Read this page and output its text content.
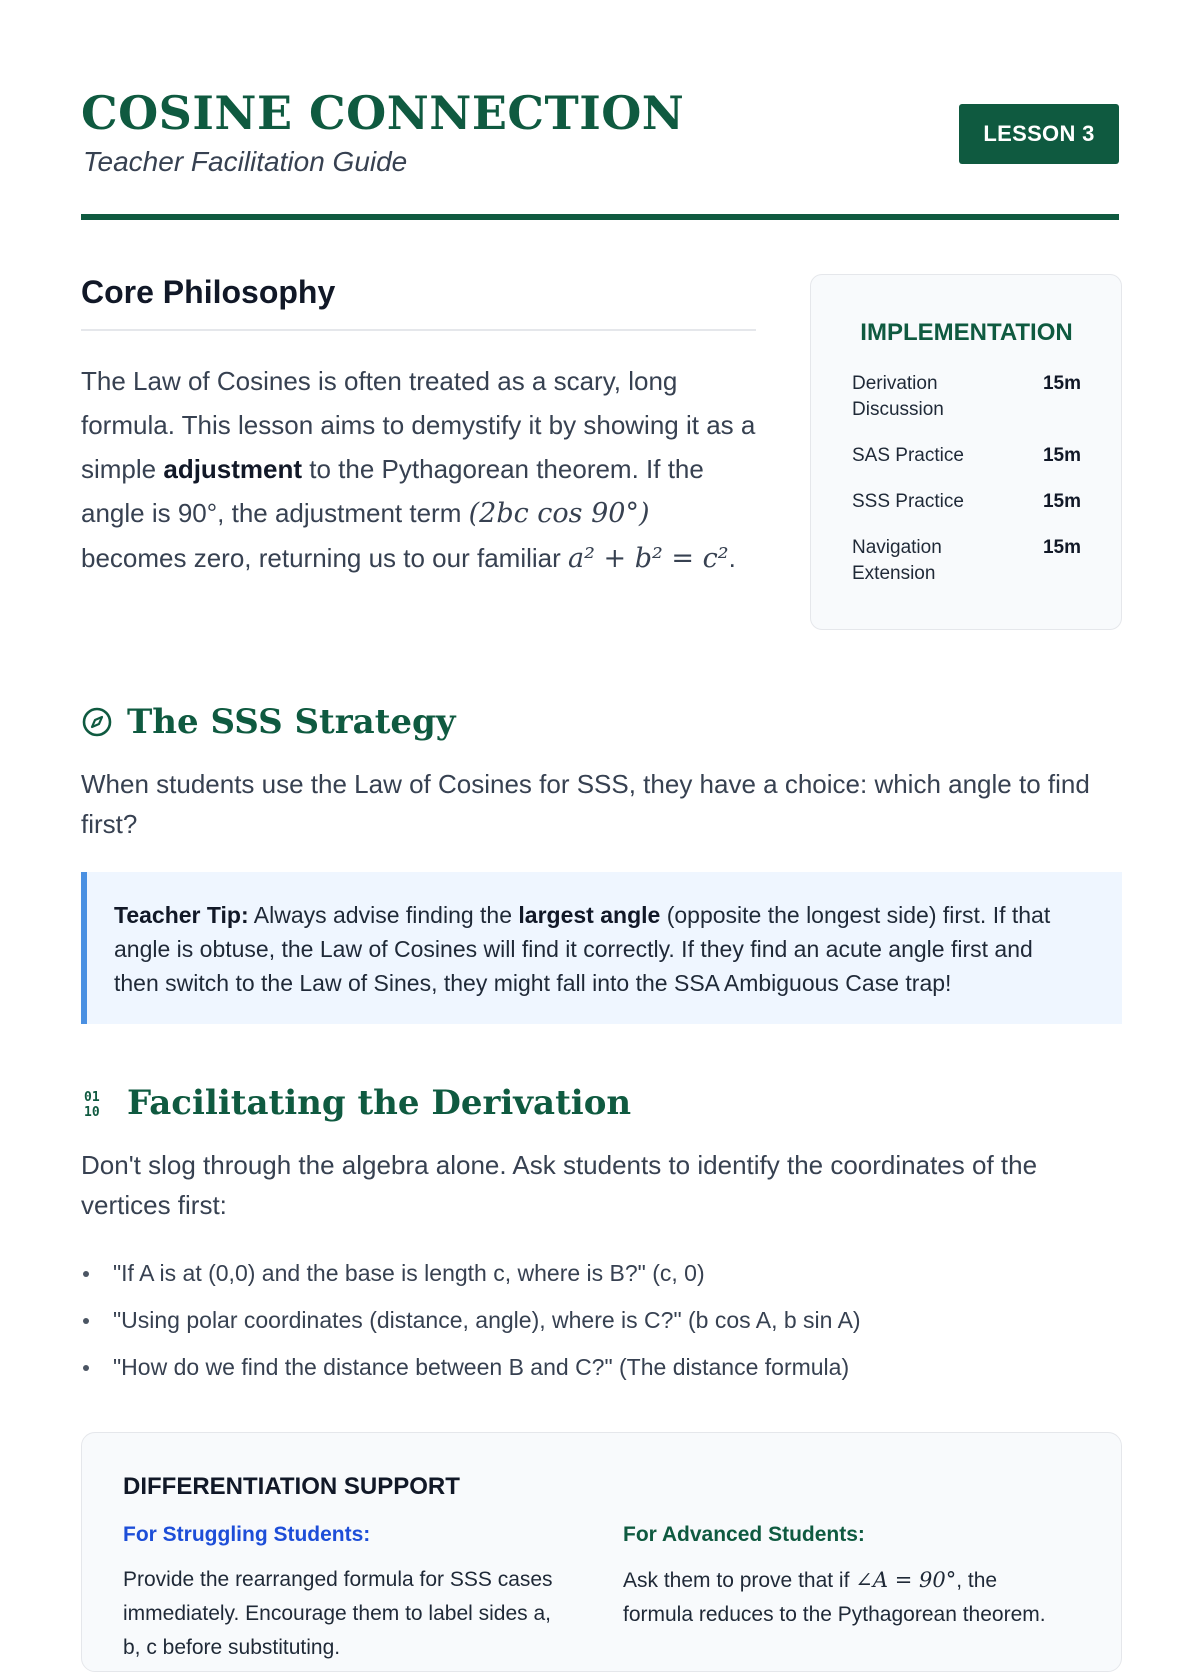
COSINE CONNECTION
Teacher Facilitation Guide
LESSON 3
Core Philosophy
The Law of Cosines is often treated as a scary, long formula. This lesson aims to demystify it by showing it as a simple adjustment to the Pythagorean theorem. If the angle is 90°, the adjustment term (2bc cos 90°) becomes zero, returning us to our familiar a² + b² = c².
IMPLEMENTATION
Derivation Discussion
15m
SAS Practice	15m
SSS Practice	15m
Navigation Extension
15m
The SSS Strategy
When students use the Law of Cosines for SSS, they have a choice: which angle to find first?
Teacher Tip: Always advise finding the largest angle (opposite the longest side) first. If that angle is obtuse, the Law of Cosines will find it correctly. If they find an acute angle first and then switch to the Law of Sines, they might fall into the SSA Ambiguous Case trap!
01
10 Facilitating the Derivation
Don't slog through the algebra alone. Ask students to identify the coordinates of the vertices first:
"If A is at (0,0) and the base is length c, where is B?" (c, 0)
"Using polar coordinates (distance, angle), where is C?" (b cos A, b sin A)
"How do we find the distance between B and C?" (The distance formula)
DIFFERENTIATION SUPPORT
For Struggling Students:

Provide the rearranged formula for SSS cases immediately. Encourage them to label sides a, b, c before substituting.

For Advanced Students:

Ask them to prove that if ∠A = 90°, the formula reduces to the Pythagorean theorem.
